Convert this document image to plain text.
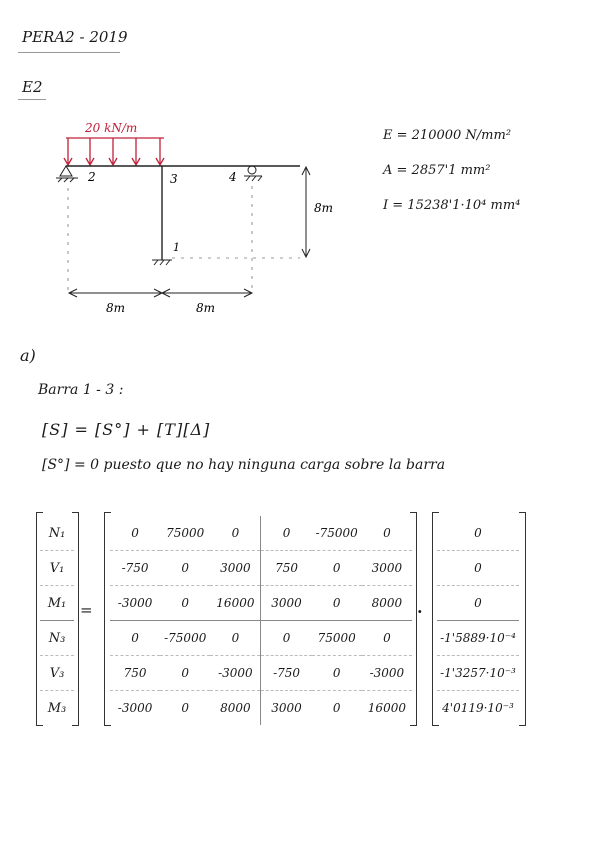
PERA2 - 2019
E2
20 kN/m
2	3	4
1
8m
8m	8m
E = 210000 N/mm²
A = 2857'1 mm²
I = 15238'1·10⁴ mm⁴
a)
Barra 1 - 3 :
[S] = [S°] + [T][Δ]
[S°] = 0 puesto que no hay ninguna carga sobre la barra
N₁
V₁
M₁
N₃
V₃
M₃
=
0	75000	0	0	-75000	0
-750	0	3000	750	0	3000
-3000	0	16000	3000	0	8000
0	-75000	0	0	75000	0
750	0	-3000	-750	0	-3000
-3000	0	8000	3000	0	16000
·
0
0
0
-1'5889·10⁻⁴
-1'3257·10⁻³
4'0119·10⁻³
